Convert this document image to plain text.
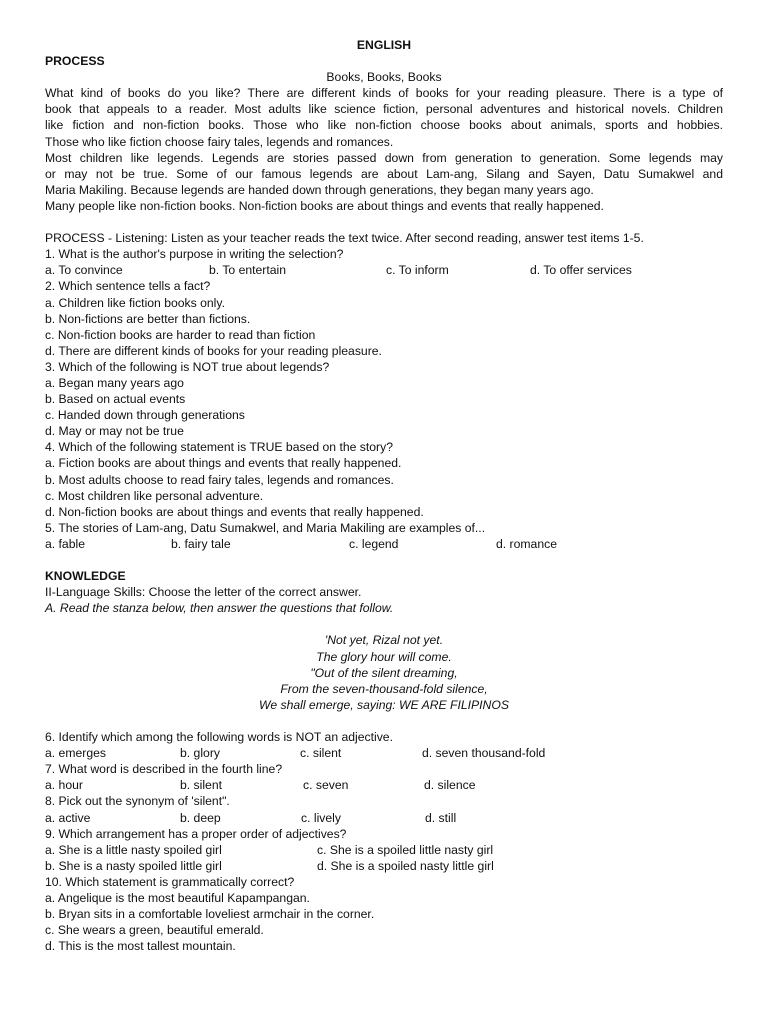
ENGLISH
PROCESS
Books, Books, Books
What kind of books do you like? There are different kinds of books for your reading pleasure. There is a type of
book that appeals to a reader. Most adults like science fiction, personal adventures and historical novels. Children
like fiction and non-fiction books. Those who like non-fiction choose books about animals, sports and hobbies.
Those who like fiction choose fairy tales, legends and romances.
Most children like legends. Legends are stories passed down from generation to generation. Some legends may
or may not be true. Some of our famous legends are about Lam-ang, Silang and Sayen, Datu Sumakwel and
Maria Makiling. Because legends are handed down through generations, they began many years ago.
Many people like non-fiction books. Non-fiction books are about things and events that really happened.
PROCESS - Listening: Listen as your teacher reads the text twice. After second reading, answer test items 1-5.
1. What is the author's purpose in writing the selection?
a. To convince	b. To entertain	c. To inform	d. To offer services
2. Which sentence tells a fact?
a. Children like fiction books only.
b. Non-fictions are better than fictions.
c. Non-fiction books are harder to read than fiction
d. There are different kinds of books for your reading pleasure.
3. Which of the following is NOT true about legends?
a. Began many years ago
b. Based on actual events
c. Handed down through generations
d. May or may not be true
4. Which of the following statement is TRUE based on the story?
a. Fiction books are about things and events that really happened.
b. Most adults choose to read fairy tales, legends and romances.
c. Most children like personal adventure.
d. Non-fiction books are about things and events that really happened.
5. The stories of Lam-ang, Datu Sumakwel, and Maria Makiling are examples of...
a. fable	b. fairy tale	c. legend	d. romance
KNOWLEDGE
II-Language Skills: Choose the letter of the correct answer.
A. Read the stanza below, then answer the questions that follow.
'Not yet, Rizal not yet.
The glory hour will come.
"Out of the silent dreaming,
From the seven-thousand-fold silence,
We shall emerge, saying: WE ARE FILIPINOS
6. Identify which among the following words is NOT an adjective.
a. emerges	b. glory	c. silent	d. seven thousand-fold
7. What word is described in the fourth line?
a. hour	b. silent	c. seven	d. silence
8. Pick out the synonym of 'silent".
a. active	b. deep	c. lively	d. still
9. Which arrangement has a proper order of adjectives?
a. She is a little nasty spoiled girl	c. She is a spoiled little nasty girl
b. She is a nasty spoiled little girl	d. She is a spoiled nasty little girl
10. Which statement is grammatically correct?
a. Angelique is the most beautiful Kapampangan.
b. Bryan sits in a comfortable loveliest armchair in the corner.
c. She wears a green, beautiful emerald.
d. This is the most tallest mountain.
